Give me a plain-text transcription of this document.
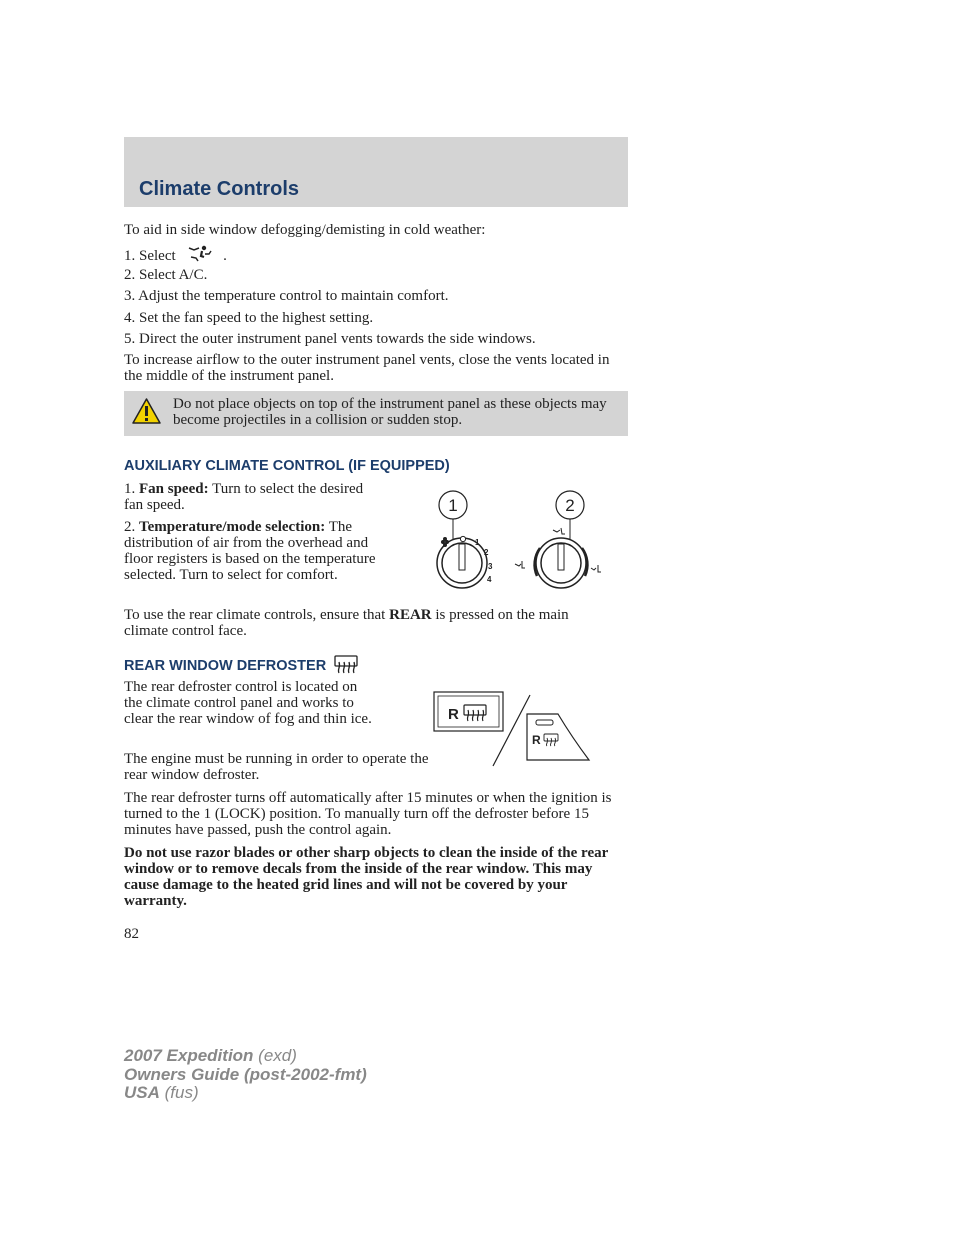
Climate Controls
To aid in side window defogging/demisting in cold weather:
1. Select	.
2. Select A/C.
3. Adjust the temperature control to maintain comfort.
4. Set the fan speed to the highest setting.
5. Direct the outer instrument panel vents towards the side windows.
To increase airflow to the outer instrument panel vents, close the vents located in the middle of the instrument panel.
Do not place objects on top of the instrument panel as these objects may become projectiles in a collision or sudden stop.
AUXILIARY CLIMATE CONTROL (IF EQUIPPED)
1. Fan speed: Turn to select the desired fan speed.
2. Temperature/mode selection: The distribution of air from the overhead and floor registers is based on the temperature selected. Turn to select for comfort.
To use the rear climate controls, ensure that REAR is pressed on the main climate control face.
1	2
1
2
3
4
REAR WINDOW DEFROSTER
The rear defroster control is located on the climate control panel and works to clear the rear window of fog and thin ice.
The engine must be running in order to operate the rear window defroster.
The rear defroster turns off automatically after 15 minutes or when the ignition is turned to the 1 (LOCK) position. To manually turn off the defroster before 15 minutes have passed, push the control again.
Do not use razor blades or other sharp objects to clean the inside of the rear window or to remove decals from the inside of the rear window. This may cause damage to the heated grid lines and will not be covered by your warranty.
R
R
82
2007 Expedition (exd)
Owners Guide (post-2002-fmt)
USA (fus)
